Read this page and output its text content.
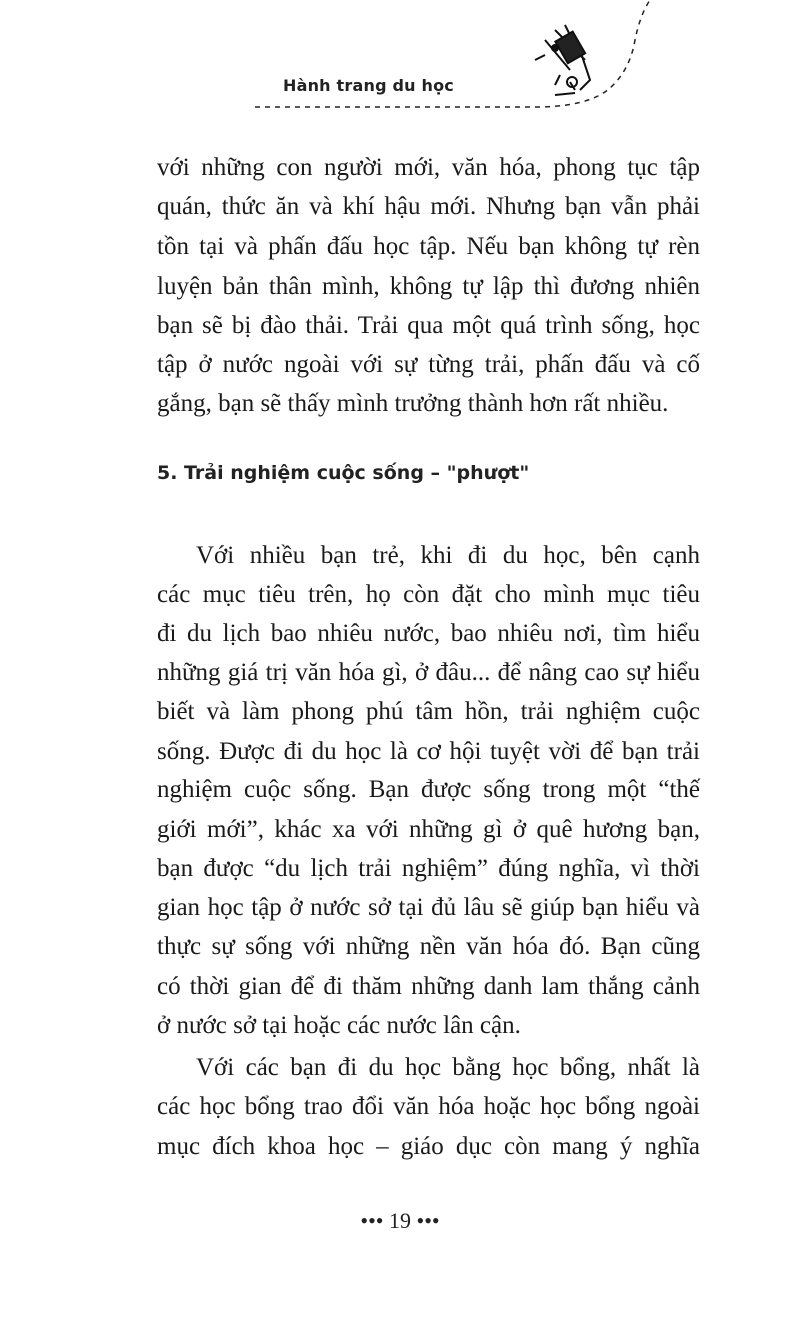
Hành trang du học
với những con người mới, văn hóa, phong tục tập
quán, thức ăn và khí hậu mới. Nhưng bạn vẫn phải
tồn tại và phấn đấu học tập. Nếu bạn không tự rèn
luyện bản thân mình, không tự lập thì đương nhiên
bạn sẽ bị đào thải. Trải qua một quá trình sống, học
tập ở nước ngoài với sự từng trải, phấn đấu và cố
gắng, bạn sẽ thấy mình trưởng thành hơn rất nhiều.
Với nhiều bạn trẻ, khi đi du học, bên cạnh
các mục tiêu trên, họ còn đặt cho mình mục tiêu
đi du lịch bao nhiêu nước, bao nhiêu nơi, tìm hiểu
những giá trị văn hóa gì, ở đâu... để nâng cao sự hiểu
biết và làm phong phú tâm hồn, trải nghiệm cuộc
sống. Được đi du học là cơ hội tuyệt vời để bạn trải
nghiệm cuộc sống. Bạn được sống trong một “thế
giới mới”, khác xa với những gì ở quê hương bạn,
bạn được “du lịch trải nghiệm” đúng nghĩa, vì thời
gian học tập ở nước sở tại đủ lâu sẽ giúp bạn hiểu và
thực sự sống với những nền văn hóa đó. Bạn cũng
có thời gian để đi thăm những danh lam thắng cảnh
ở nước sở tại hoặc các nước lân cận.
Với các bạn đi du học bằng học bổng, nhất là
các học bổng trao đổi văn hóa hoặc học bổng ngoài
mục đích khoa học – giáo dục còn mang ý nghĩa
5. Trải nghiệm cuộc sống – "phượt"
••• 19 •••
